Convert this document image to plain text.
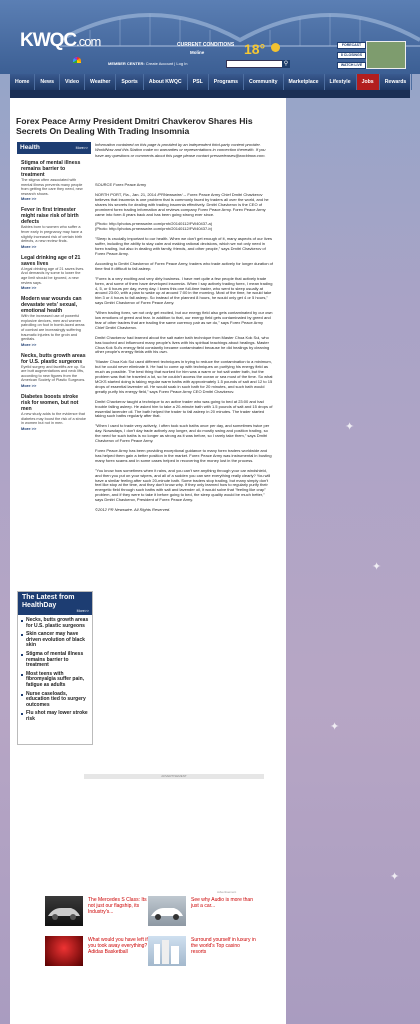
KWQC.com	CURRENT CONDITIONS
Moline	18°
MEMBER CENTER: Create Account | Log In	⚲
FORECAST
8 CLOSINGS
WATCH LIVE
Home	News	Video	Weather	Sports	About KWQC	PSL	Programs	Community	Marketplace	Lifestyle	Jobs	Rewards
✦
✦
✦
✦
Forex Peace Army President Dmitri Chavkerov Shares His Secrets On Dealing With Trading Insomnia
Health	More>>
Stigma of mental illness remains barrier to treatment
The stigma often associated with mental illness prevents many people from getting the care they need, new research shows.
More >>
Fever in first trimester might raise risk of birth defects
Babies born to women who suffer a fever early in pregnancy may have a slightly increased risk of certain birth defects, a new review finds.
More >>
Legal drinking age of 21 saves lives
A legal drinking age of 21 saves lives. And demands by some to lower the age limit should be ignored, a new review says.
More >>
Modern war wounds can devastate vets' sexual, emotional health
With the increased use of powerful explosive devices, men and women patrolling on foot in bomb-laced areas of combat are increasingly suffering traumatic injuries to the groin and genitals.
More >>
Necks, butts growth areas for U.S. plastic surgeons
Eyelid surgery and facelifts are up. So are butt augmentations and neck lifts, according to new figures from the American Society of Plastic Surgeons.
More >>
Diabetes boosts stroke risk for women, but not men
A new study adds to the evidence that diabetes may boost the risk of a stroke in women but not in men.
More >>
The Latest from HealthDay
More>>
Necks, butts growth areas for U.S. plastic surgeons
Skin cancer may have driven evolution of black skin
Stigma of mental illness remains barrier to treatment
Most teens with fibromyalgia suffer pain, fatigue as adults
Nurse caseloads, education tied to surgery outcomes
Flu shot may lower stroke risk
Information contained on this page is provided by an independent third-party content provider. WorldNow and this Station make no warranties or representations in connection therewith. If you have any questions or comments about this page please contact pressreleases@worldnow.com.

SOURCE Forex Peace Army

NORTH PORT, Fla., Jan. 21, 2014 /PRNewswire/ -- Forex Peace Army Chief Dmitri Chavkerov believes that insomnia is one problem that is commonly faced by traders all over the world, and he shares his secrets for dealing with trading insomnia effectively. Dmitri Chavkerov is the CEO of prominent forex trading information and reviews company Forex Peace Army. Forex Peace Army came into form 8 years back and has been going strong ever since.

(Photo: http://photos.prnewswire.com/prnh/20140112/FW40437-a)
(Photo: http://photos.prnewswire.com/prnh/20140112/FW40437-b)

"Sleep is crucially important to our health. When we don't get enough of it, many aspects of our lives suffer, including the ability to stay calm and making rational decisions, which we not only need in forex trading, but also in dealing with family, friends, and other people," says Dmitri Chavkerov of Forex Peace Army.

According to Dmitri Chavkerov of Forex Peace Army, traders who trade actively for longer duration of time find it difficult to fall asleep.

"Forex is a very exciting and very dirty business. I have met quite a few people that actively trade forex, and some of them have developed insomnia. When I say actively trading forex, I mean trading 4, 5, or 6 hours per day, every day. I knew this one full-time trader, who went to sleep usually at around 23:00, with a plan to wake up at around 7:00 in the morning. Most of the time, he would take him 3 or 4 hours to fall asleep. So instead of the planned 8 hours, he would only get 4 or 5 hours," says Dmitri Chavkerov of Forex Peace Army.

"When trading forex, we not only get excited, but our energy field also gets contaminated by our own low emotions of greed and fear. In addition to that, our energy field gets contaminated by greed and fear of other traders that are trading the same currency pair as we do," says Forex Peace Army Chief Dmitri Chavkerov.

Dmitri Chavkerov had learned about the salt water bath technique from Master Choa Kok Sui, who has touched and influenced many people's lives with his spiritual teachings about healings. Master Choa Kok Sui's energy field constantly became contaminated because he did healings by cleaning other people's energy fields with his own.

"Master Choa Kok Sui used different techniques in trying to reduce the contamination to a minimum, but he could never eliminate it. He had to come up with techniques on purifying his energy field as much as possible. The best thing that worked for him was a warm or hot salt water bath, but the problem was that he traveled a lot, so he couldn't access the ocean or sea most of the time. So what MCKS started doing is taking regular warm baths with approximately 1.5 pounds of salt and 12 to 15 drops of essential lavender oil. He would soak in such bath for 20 minutes, and such bath would greatly purify his energy field," says Forex Peace Army CEO Dmitri Chavkerov.

Dmitri Chavkerov taught a technique to an active trader who was going to bed at 23:00 and had trouble falling asleep. He asked him to take a 20-minute bath with 1.5 pounds of salt and 15 drops of essential lavender oil. The bath helped the trader to fall asleep in 20 minutes. The trader started taking such baths regularly after that.

"When I used to trade very actively, I often took such baths once per day, and sometimes twice per day. Nowadays, I don't day trade actively any longer, and do mostly swing and position trading, so the need for such baths is no longer as strong as it was before, so I rarely take them," says Dmitri Chavkerov of Forex Peace Army.

Forex Peace Army has been providing exceptional guidance to many forex traders worldwide and has helped them gain a better position in the market. Forex Peace Army was instrumental in busting many forex scams and in some cases helped in recovering the money lost in the process.

"You know how sometimes when it rains, and you can't see anything through your car windshield, and then you put on your wipers, and all of a sudden you can see everything really clearly? You will have a similar feeling after such 20-minute bath. Some traders stop trading, but many simply don't feel like stop at the time, and they don't know why. If they only learned how to regularly purify their energetic field through such baths with salt and lavender oil, it would solve that "feeling like crap" problem, and if they were to take it before going to bed, the sleep quality would be much better," says Dmitri Chavkerov, President of Forex Peace Army.

©2012 PR Newswire. All Rights Reserved.

ADVERTISEMENT
Advertisement
The Mercedes S Class: Its not just our flagship, its Industry's...
See why Audio is more than just a car...
What would you have left if you took away everything? Adidas Basketball
Surround yourself in luxury in the world's Top casino resorts
